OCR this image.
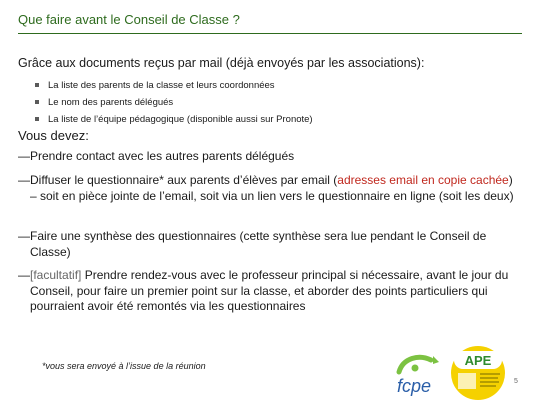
Que faire avant le Conseil de Classe ?
Grâce aux documents reçus par mail (déjà envoyés par les associations):
La liste des parents de la classe et leurs coordonnées
Le nom des parents délégués
La liste de l’équipe pédagogique (disponible aussi sur Pronote)
Vous devez:
—Prendre contact avec les autres parents délégués
—Diffuser le questionnaire* aux parents d’élèves par email (adresses email en copie cachée) – soit en pièce jointe de l’email, soit via un lien vers le questionnaire en ligne (soit les deux)
—Faire une synthèse des questionnaires (cette synthèse sera lue pendant le Conseil de Classe)
—[facultatif] Prendre rendez-vous avec le professeur principal si nécessaire, avant le jour du Conseil, pour faire un premier point sur la classe, et aborder des points particuliers qui pourraient avoir été remontés via les questionnaires
*vous sera envoyé à l’issue de la réunion
fcpe
APE
5
